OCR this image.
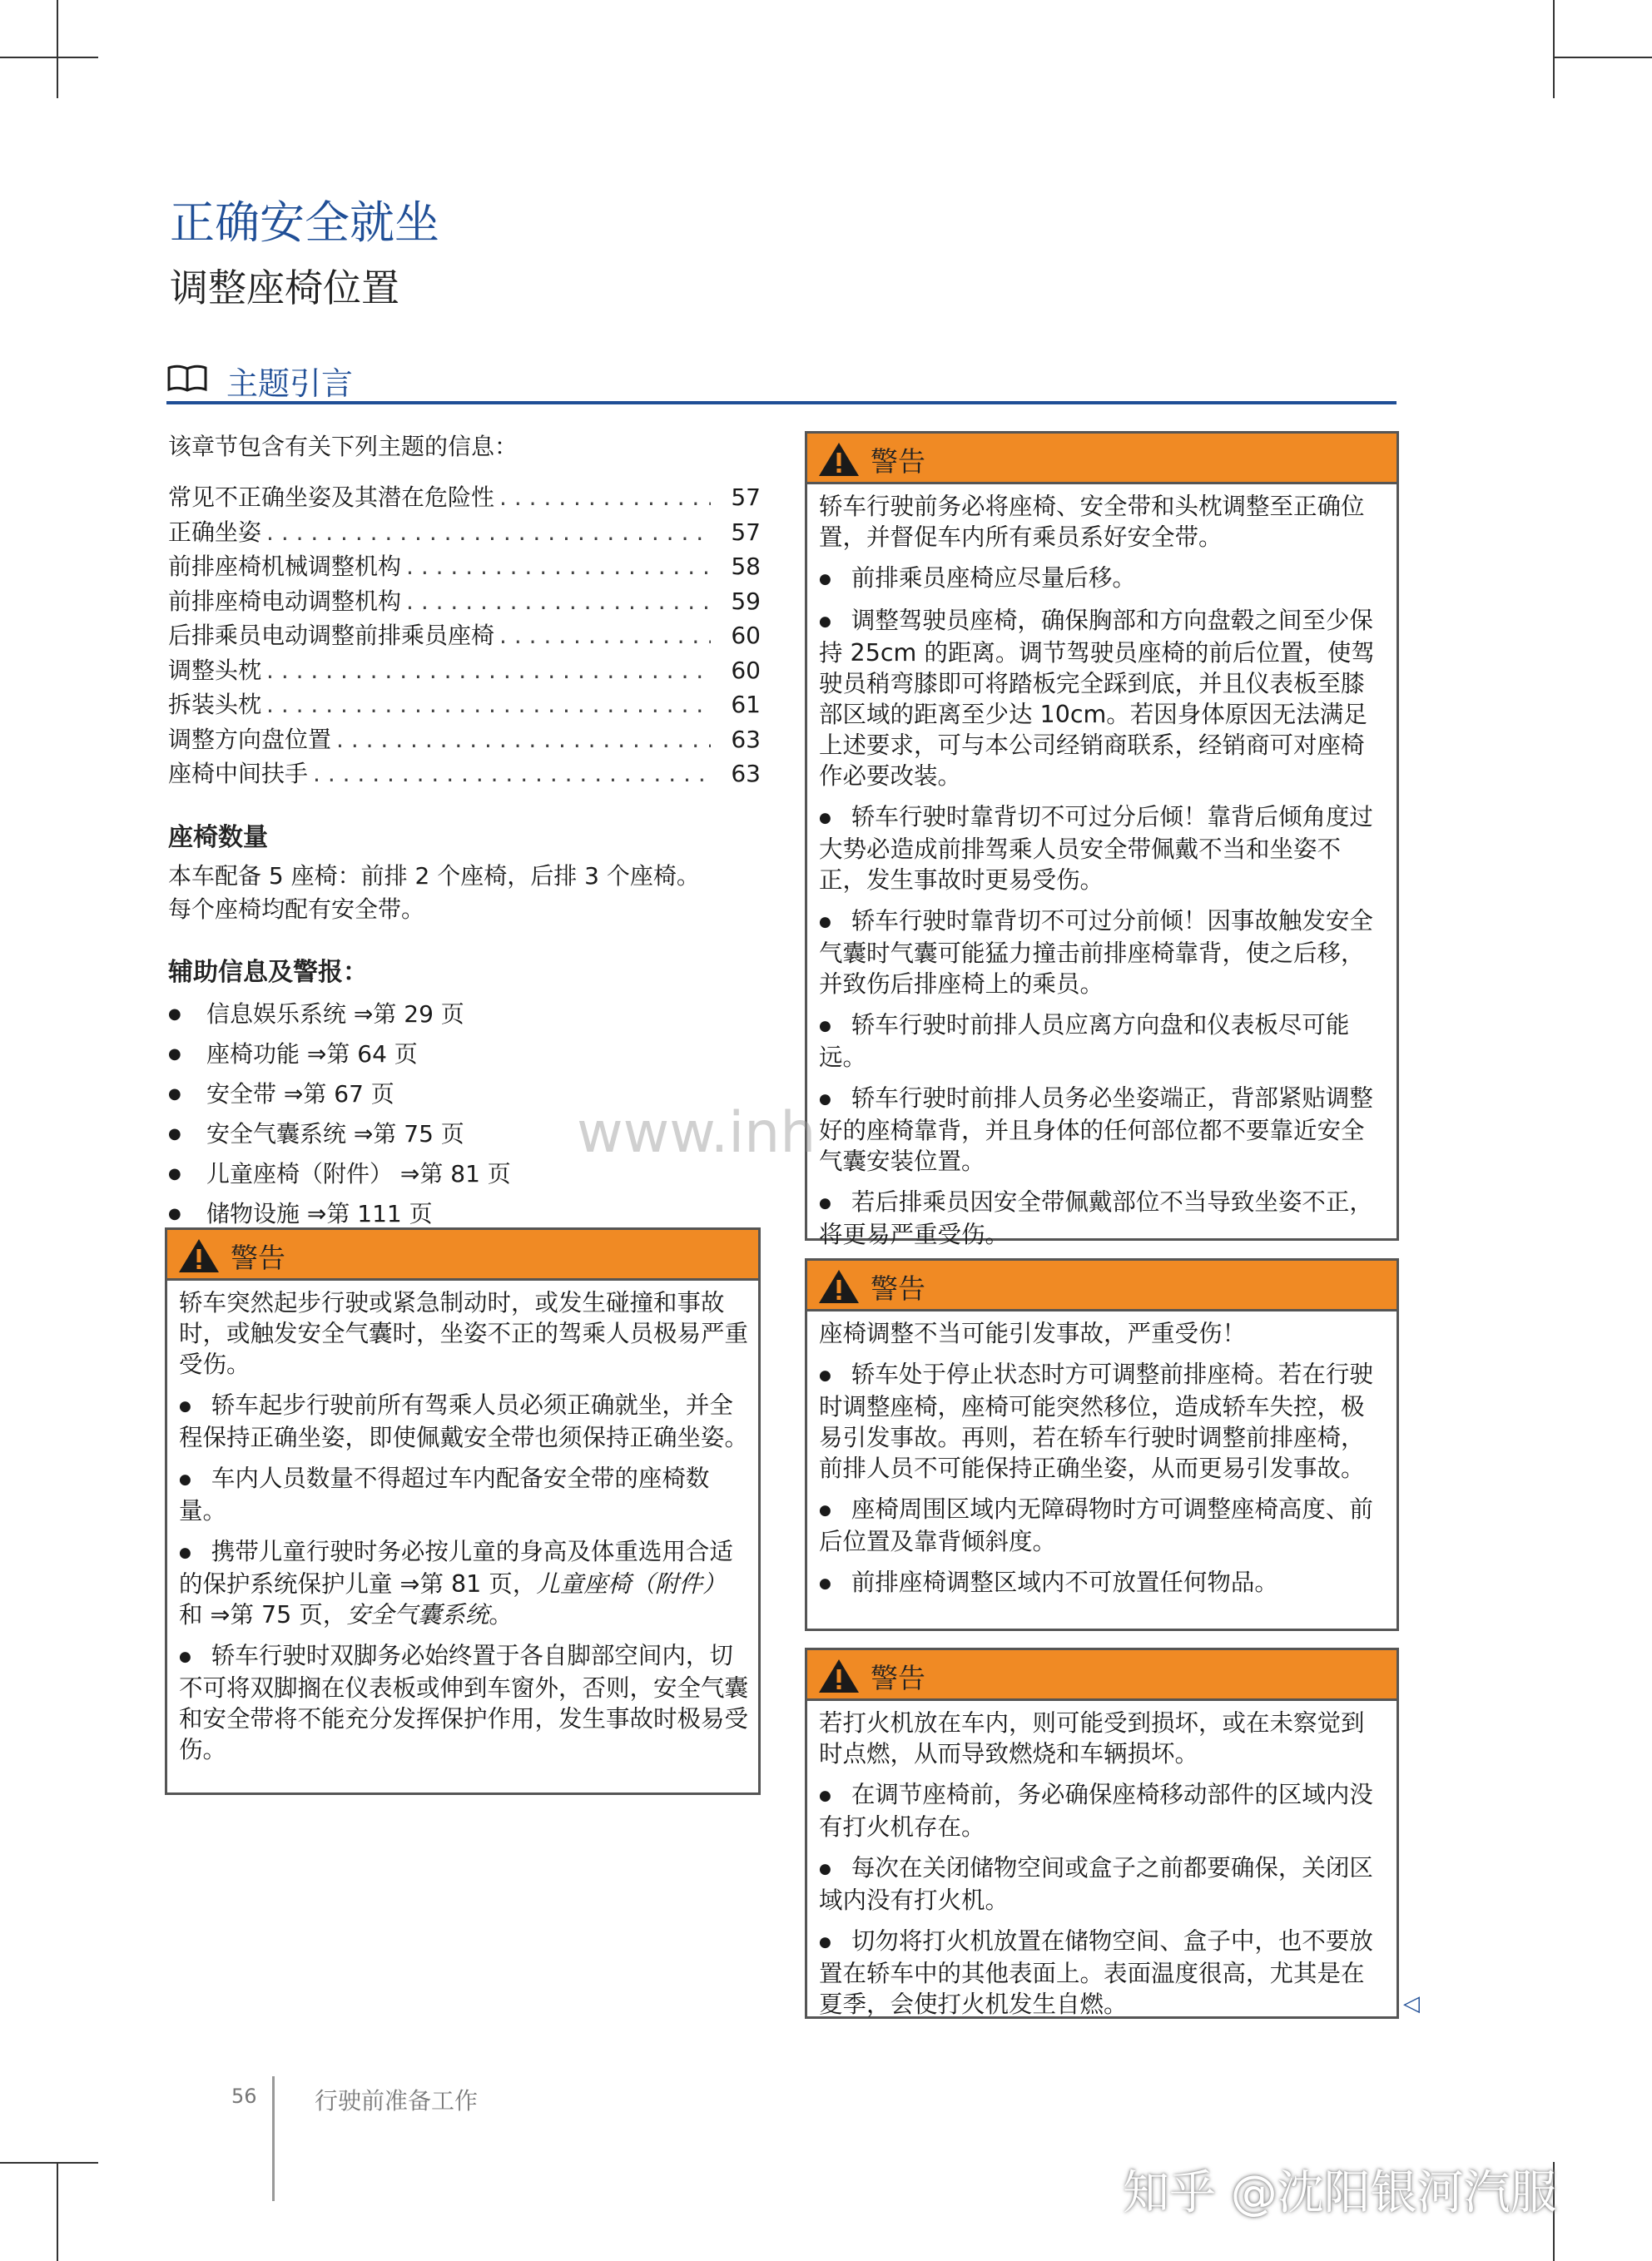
正确安全就坐
调整座椅位置
主题引言

该章节包含有关下列主题的信息：

常见不正确坐姿及其潜在危险性 . . .	57
正确坐姿 . . .	57
前排座椅机械调整机构 . . .	58
前排座椅电动调整机构 . . .	59
后排乘员电动调整前排乘员座椅 . . .	60
调整头枕 . . .	60
拆装头枕 . . .	61
调整方向盘位置 . . .	63
座椅中间扶手 . . .	63
座椅数量

本车配备 5 座椅：前排 2 个座椅，后排 3 个座椅。

每个座椅均配有安全带。

辅助信息及警报：
● 信息娱乐系统 ⇒第 29 页
● 座椅功能 ⇒第 64 页
● 安全带 ⇒第 67 页
● 安全气囊系统 ⇒第 75 页
● 儿童座椅（附件） ⇒第 81 页
● 储物设施 ⇒第 111 页
警告

轿车突然起步行驶或紧急制动时，或发生碰撞和事故时，或触发安全气囊时，坐姿不正的驾乘人员极易严重受伤。

● 轿车起步行驶前所有驾乘人员必须正确就坐，并全程保持正确坐姿，即使佩戴安全带也须保持正确坐姿。

● 车内人员数量不得超过车内配备安全带的座椅数量。

● 携带儿童行驶时务必按儿童的身高及体重选用合适的保护系统保护儿童 ⇒第 81 页，儿童座椅（附件）和 ⇒第 75 页，安全气囊系统。

● 轿车行驶时双脚务必始终置于各自脚部空间内，切不可将双脚搁在仪表板或伸到车窗外，否则，安全气囊和安全带将不能充分发挥保护作用，发生事故时极易受伤。

警告

轿车行驶前务必将座椅、安全带和头枕调整至正确位置，并督促车内所有乘员系好安全带。

● 前排乘员座椅应尽量后移。

● 调整驾驶员座椅，确保胸部和方向盘毂之间至少保持 25cm 的距离。调节驾驶员座椅的前后位置，使驾驶员稍弯膝即可将踏板完全踩到底，并且仪表板至膝部区域的距离至少达 10cm。若因身体原因无法满足上述要求，可与本公司经销商联系，经销商可对座椅作必要改装。

● 轿车行驶时靠背切不可过分后倾！靠背后倾角度过大势必造成前排驾乘人员安全带佩戴不当和坐姿不正，发生事故时更易受伤。

● 轿车行驶时靠背切不可过分前倾！因事故触发安全气囊时气囊可能猛力撞击前排座椅靠背，使之后移，并致伤后排座椅上的乘员。

● 轿车行驶时前排人员应离方向盘和仪表板尽可能远。

● 轿车行驶时前排人员务必坐姿端正，背部紧贴调整好的座椅靠背，并且身体的任何部位都不要靠近安全气囊安装位置。

● 若后排乘员因安全带佩戴部位不当导致坐姿不正，将更易严重受伤。

警告

座椅调整不当可能引发事故，严重受伤！

● 轿车处于停止状态时方可调整前排座椅。若在行驶时调整座椅，座椅可能突然移位，造成轿车失控，极易引发事故。再则，若在轿车行驶时调整前排座椅，前排人员不可能保持正确坐姿，从而更易引发事故。

● 座椅周围区域内无障碍物时方可调整座椅高度、前后位置及靠背倾斜度。

● 前排座椅调整区域内不可放置任何物品。

警告

若打火机放在车内，则可能受到损坏，或在未察觉到时点燃，从而导致燃烧和车辆损坏。

● 在调节座椅前，务必确保座椅移动部件的区域内没有打火机存在。

● 每次在关闭储物空间或盒子之前都要确保，关闭区域内没有打火机。

● 切勿将打火机放置在储物空间、盒子中，也不要放置在轿车中的其他表面上。表面温度很高，尤其是在夏季，会使打火机发生自燃。	◁
www.inh
56 行驶前准备工作
知乎 @沈阳银河汽服
